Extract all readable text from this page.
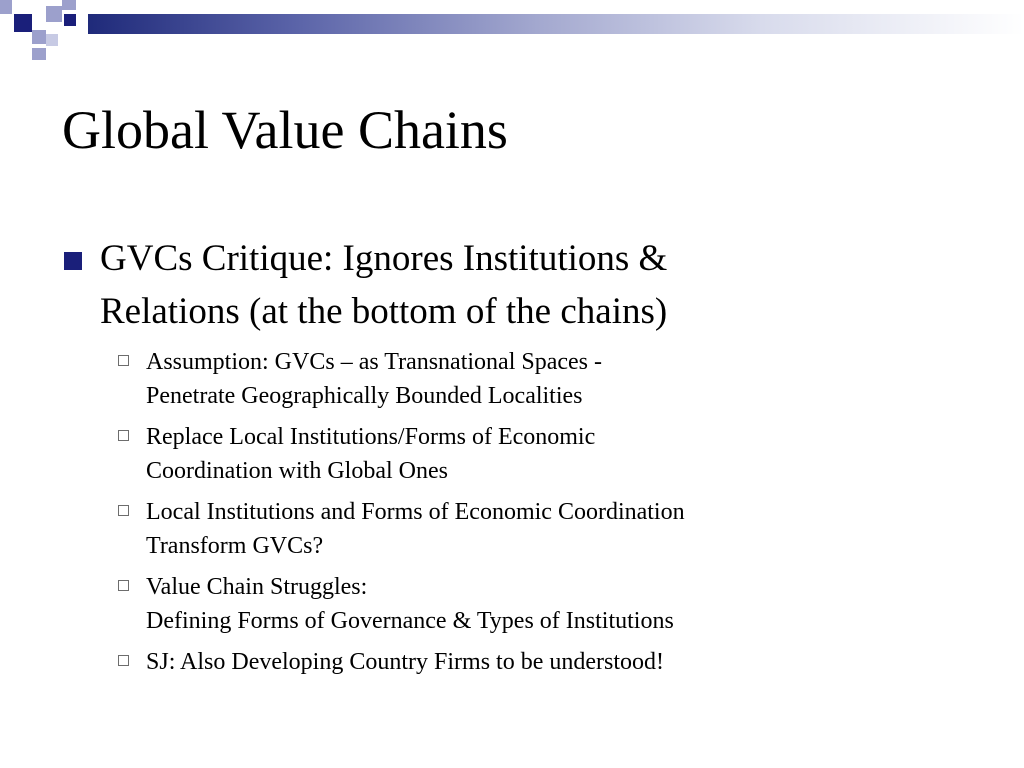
Global Value Chains
GVCs Critique: Ignores Institutions &
Relations (at the bottom of the chains)
Assumption: GVCs – as Transnational Spaces -
Penetrate Geographically Bounded Localities
Replace Local Institutions/Forms of Economic
Coordination with Global Ones
Local Institutions and Forms of Economic Coordination
Transform GVCs?
Value Chain Struggles:
Defining Forms of Governance & Types of Institutions
SJ: Also Developing Country Firms to be understood!
